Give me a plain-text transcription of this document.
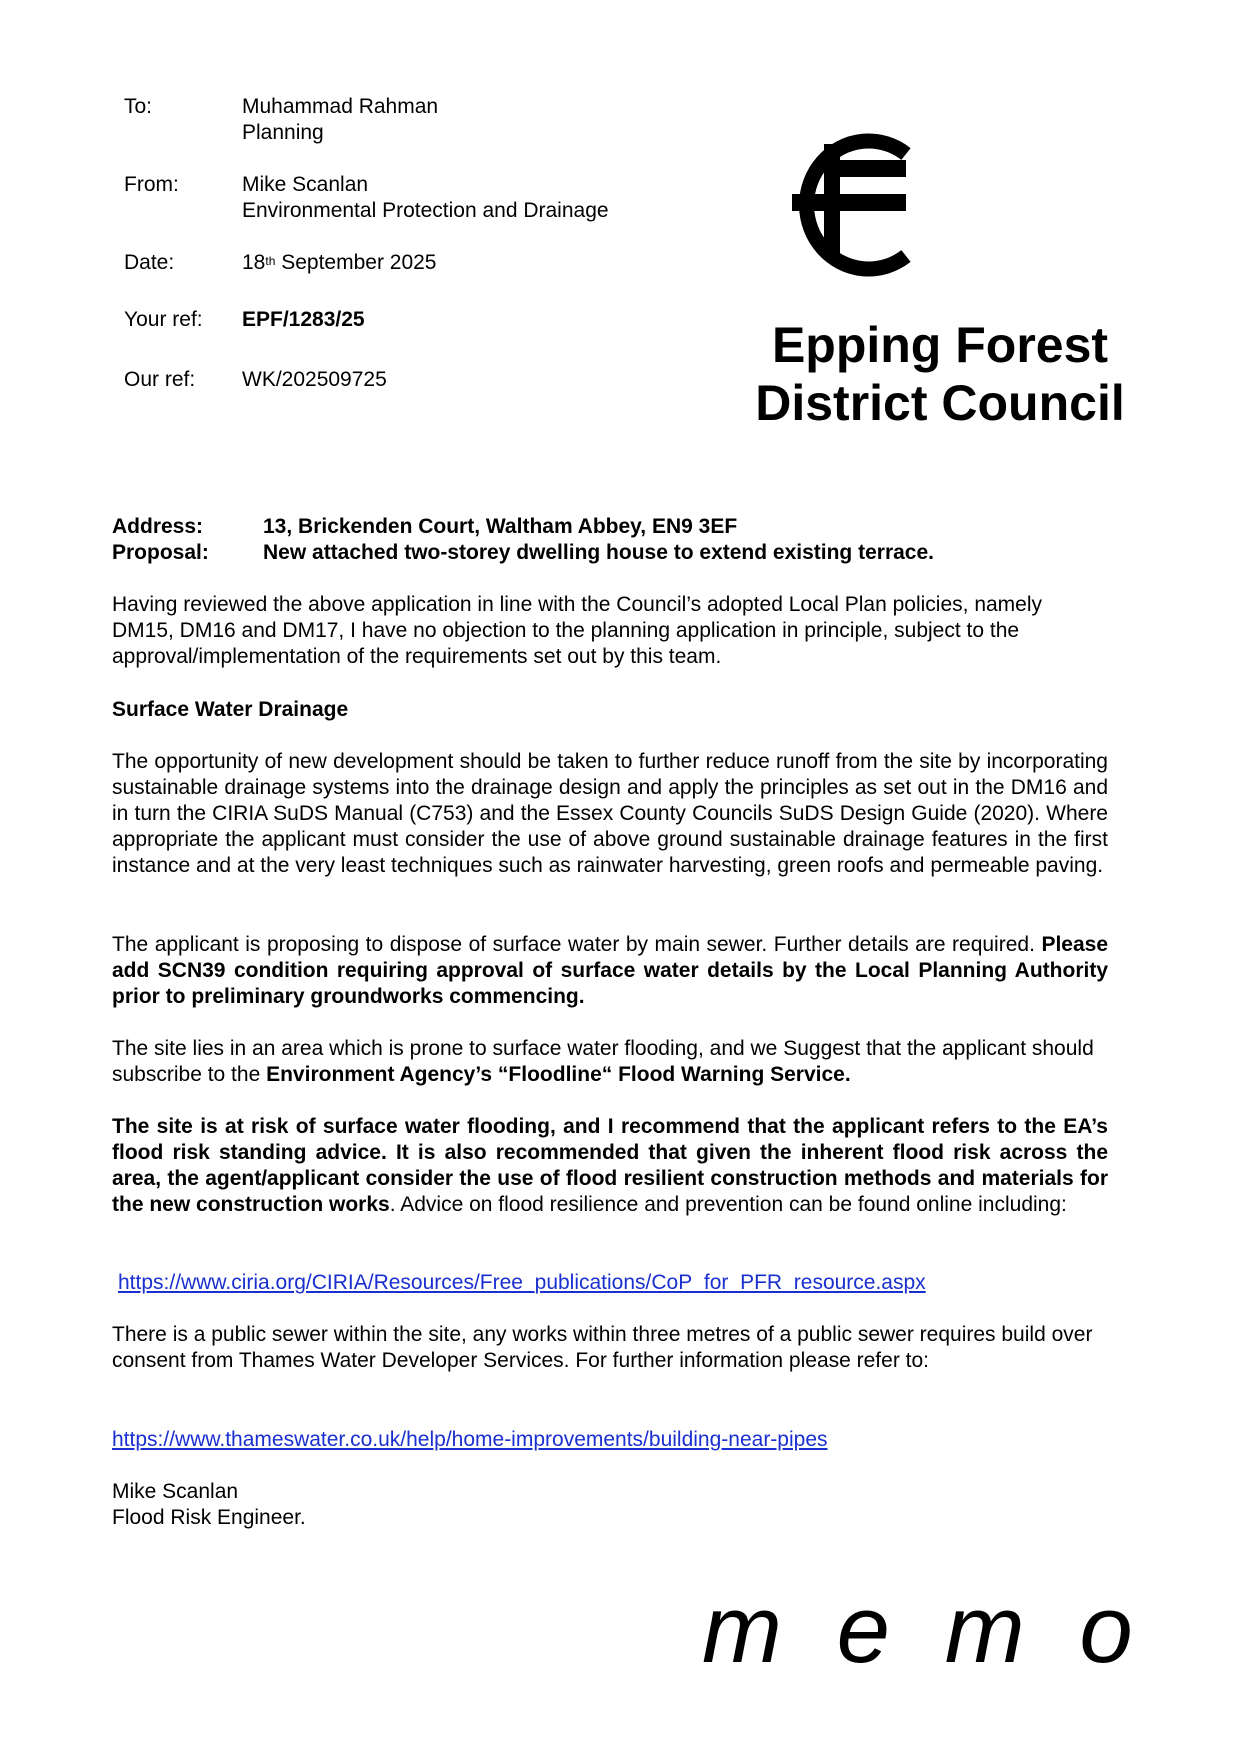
To:	Muhammad Rahman
Planning
From:	Mike Scanlan
Environmental Protection and Drainage
Date:	18th September 2025
Your ref:	EPF/1283/25
Our ref:	WK/202509725
Epping Forest
District Council
Address:	13, Brickenden Court, Waltham Abbey, EN9 3EF
Proposal:	New attached two-storey dwelling house to extend existing terrace.
Having reviewed the above application in line with the Council’s adopted Local Plan policies, namely DM15, DM16 and DM17, I have no objection to the planning application in principle, subject to the approval/implementation of the requirements set out by this team.
Surface Water Drainage
The opportunity of new development should be taken to further reduce runoff from the site by incorporating sustainable drainage systems into the drainage design and apply the principles as set out in the DM16 and in turn the CIRIA SuDS Manual (C753) and the Essex County Councils SuDS Design Guide (2020). Where appropriate the applicant must consider the use of above ground sustainable drainage features in the first instance and at the very least techniques such as rainwater harvesting, green roofs and permeable paving.
The applicant is proposing to dispose of surface water by main sewer. Further details are required. Please add SCN39 condition requiring approval of surface water details by the Local Planning Authority prior to preliminary groundworks commencing.
The site lies in an area which is prone to surface water flooding, and we Suggest that the applicant should subscribe to the Environment Agency’s “Floodline“ Flood Warning Service.
The site is at risk of surface water flooding, and I recommend that the applicant refers to the EA’s flood risk standing advice. It is also recommended that given the inherent flood risk across the area, the agent/applicant consider the use of flood resilient construction methods and materials for the new construction works. Advice on flood resilience and prevention can be found online including:
https://www.ciria.org/CIRIA/Resources/Free_publications/CoP_for_PFR_resource.aspx
There is a public sewer within the site, any works within three metres of a public sewer requires build over consent from Thames Water Developer Services. For further information please refer to:
https://www.thameswater.co.uk/help/home-improvements/building-near-pipes
Mike Scanlan
Flood Risk Engineer.
m e m o
